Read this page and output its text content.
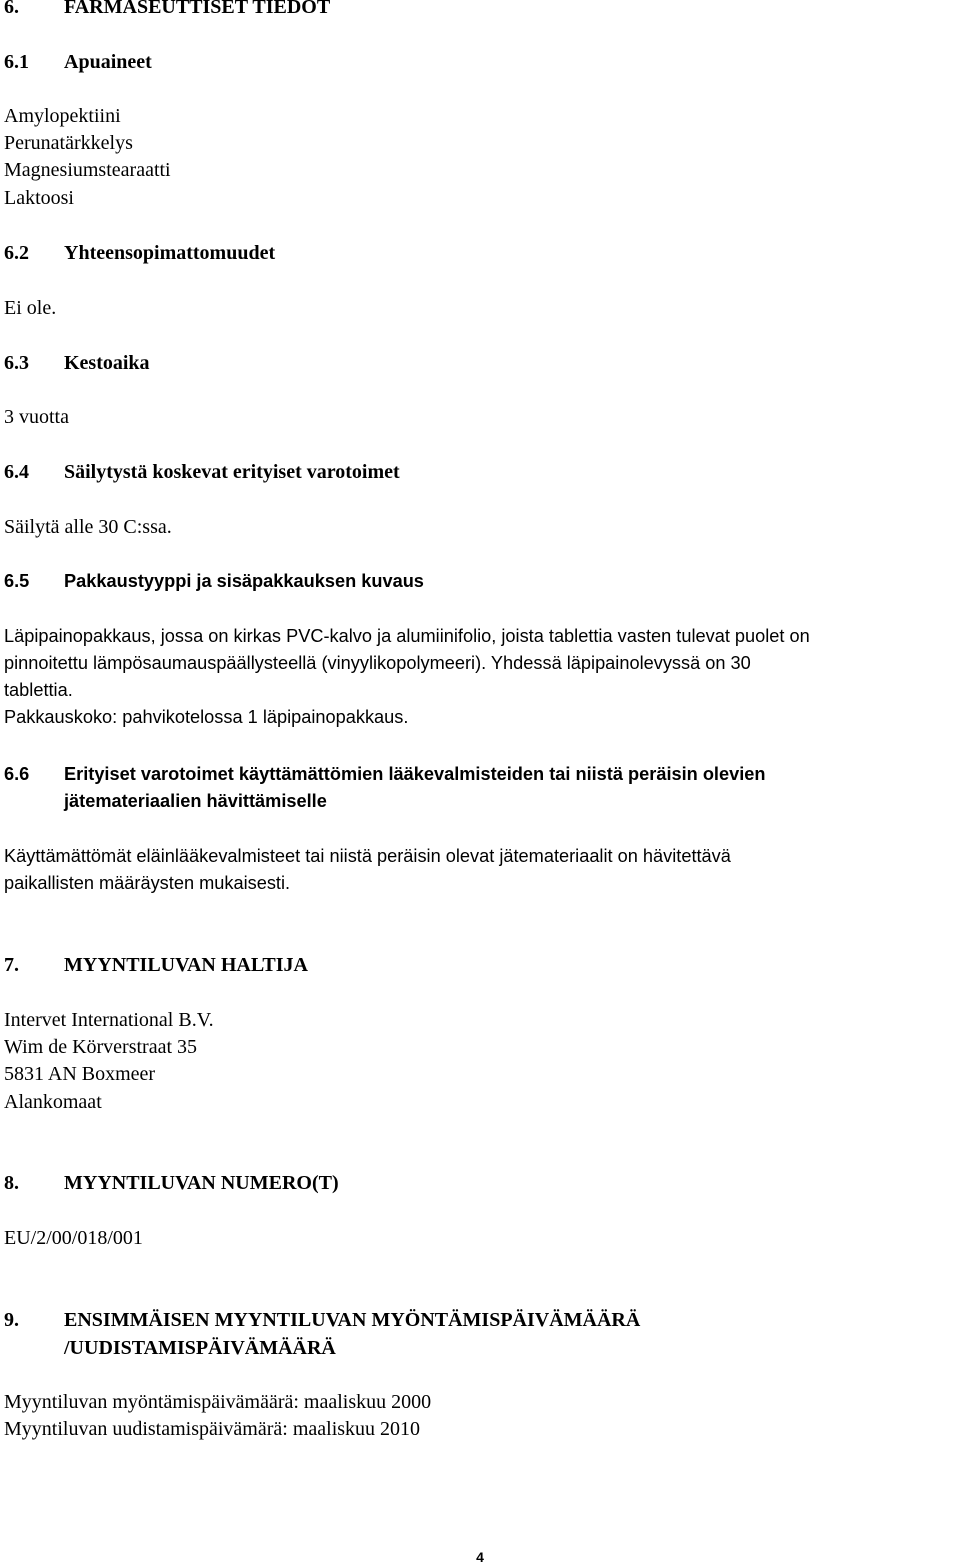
6. FARMASEUTTISET TIEDOT
6.1 Apuaineet
Amylopektiini
Perunatärkkelys
Magnesiumstearaatti
Laktoosi
6.2 Yhteensopimattomuudet
Ei ole.
6.3 Kestoaika
3 vuotta
6.4 Säilytystä koskevat erityiset varotoimet
Säilytä alle 30 C:ssa.
6.5 Pakkaustyyppi ja sisäpakkauksen kuvaus
Läpipainopakkaus, jossa on kirkas PVC-kalvo ja alumiinifolio, joista tablettia vasten tulevat puolet on
pinnoitettu lämpösaumauspäällysteellä (vinyylikopolymeeri). Yhdessä läpipainolevyssä on 30
tablettia.
Pakkauskoko: pahvikotelossa 1 läpipainopakkaus.
6.6 Erityiset varotoimet käyttämättömien lääkevalmisteiden tai niistä peräisin olevien
jätemateriaalien hävittämiselle
Käyttämättömät eläinlääkevalmisteet tai niistä peräisin olevat jätemateriaalit on hävitettävä
paikallisten määräysten mukaisesti.
7. MYYNTILUVAN HALTIJA
Intervet International B.V.
Wim de Körverstraat 35
5831 AN Boxmeer
Alankomaat
8. MYYNTILUVAN NUMERO(T)
EU/2/00/018/001
9. ENSIMMÄISEN MYYNTILUVAN MYÖNTÄMISPÄIVÄMÄÄRÄ
/UUDISTAMISPÄIVÄMÄÄRÄ
Myyntiluvan myöntämispäivämäärä: maaliskuu 2000
Myyntiluvan uudistamispäivämärä: maaliskuu 2010
4
